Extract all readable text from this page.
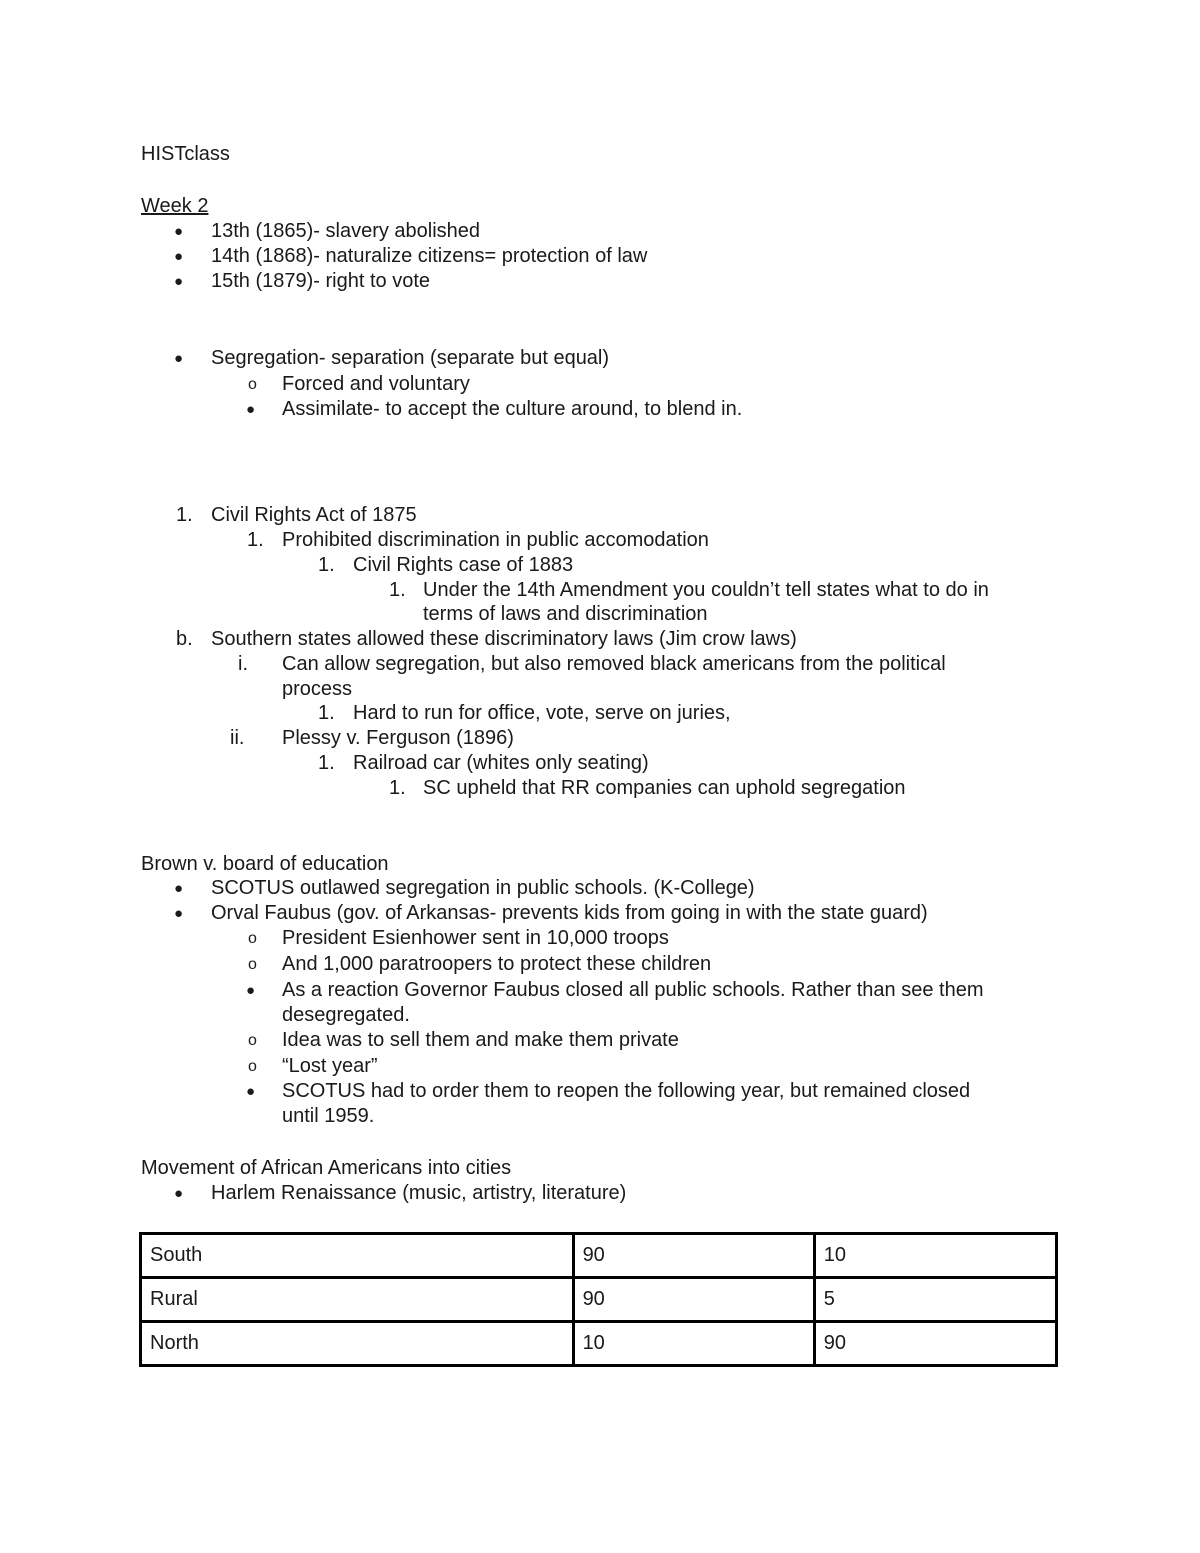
HISTclass
Week 2
● 13th (1865)- slavery abolished
● 14th (1868)- naturalize citizens= protection of law
● 15th (1879)- right to vote
● Segregation- separation (separate but equal)
o Forced and voluntary
● Assimilate- to accept the culture around, to blend in.
1. Civil Rights Act of 1875
1. Prohibited discrimination in public accomodation
1. Civil Rights case of 1883
1. Under the 14th Amendment you couldn’t tell states what to do in
terms of laws and discrimination
b. Southern states allowed these discriminatory laws (Jim crow laws)
i. Can allow segregation, but also removed black americans from the political
process
1. Hard to run for office, vote, serve on juries,
ii. Plessy v. Ferguson (1896)
1. Railroad car (whites only seating)
1. SC upheld that RR companies can uphold segregation
Brown v. board of education
● SCOTUS outlawed segregation in public schools. (K-College)
● Orval Faubus (gov. of Arkansas- prevents kids from going in with the state guard)
o President Esienhower sent in 10,000 troops
o And 1,000 paratroopers to protect these children
● As a reaction Governor Faubus closed all public schools. Rather than see them
desegregated.
o Idea was to sell them and make them private
o “Lost year”
● SCOTUS had to order them to reopen the following year, but remained closed
until 1959.
Movement of African Americans into cities
● Harlem Renaissance (music, artistry, literature)
South	90	10
Rural	90	5
North	10	90
